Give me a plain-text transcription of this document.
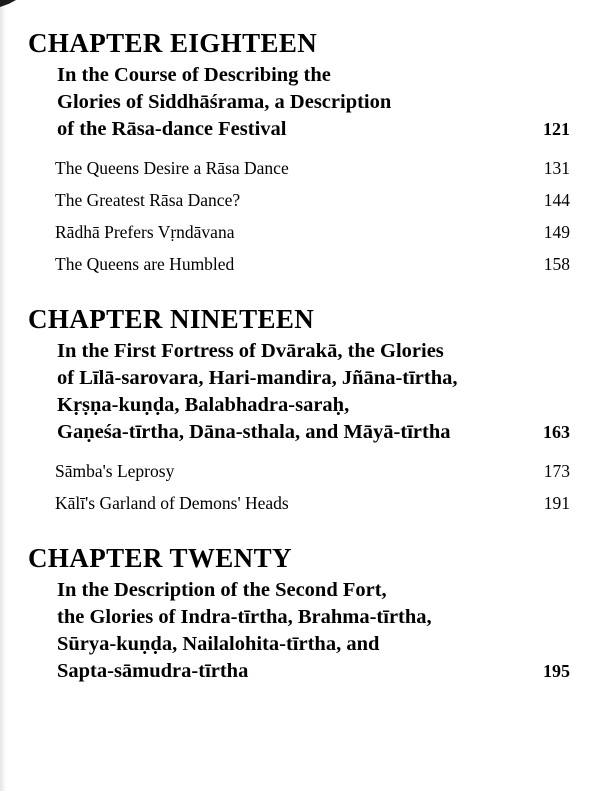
CHAPTER EIGHTEEN
In the Course of Describing the
Glories of Siddhāśrama, a Description
of the Rāsa-dance Festival	121
The Queens Desire a Rāsa Dance	131
The Greatest Rāsa Dance?	144
Rādhā Prefers Vṛndāvana	149
The Queens are Humbled	158
CHAPTER NINETEEN
In the First Fortress of Dvārakā, the Glories
of Līlā-sarovara, Hari-mandira, Jñāna-tīrtha,
Kṛṣṇa-kuṇḍa, Balabhadra-saraḥ,
Gaṇeśa-tīrtha, Dāna-sthala, and Māyā-tīrtha	163
Sāmba's Leprosy	173
Kālī's Garland of Demons' Heads	191
CHAPTER TWENTY
In the Description of the Second Fort,
the Glories of Indra-tīrtha, Brahma-tīrtha,
Sūrya-kuṇḍa, Nailalohita-tīrtha, and
Sapta-sāmudra-tīrtha	195
